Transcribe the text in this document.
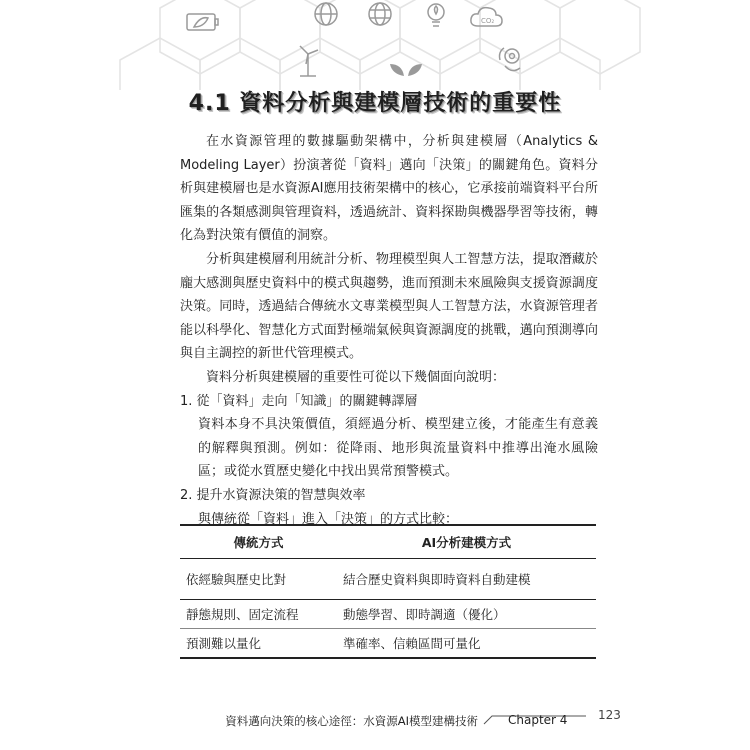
CO₂
4.1 資料分析與建模層技術的重要性

在水資源管理的數據驅動架構中，分析與建模層（Analytics & Modeling Layer）扮演著從「資料」邁向「決策」的關鍵角色。資料分析與建模層也是水資源AI應用技術架構中的核心，它承接前端資料平台所匯集的各類感測與管理資料，透過統計、資料探勘與機器學習等技術，轉化為對決策有價值的洞察。

分析與建模層利用統計分析、物理模型與人工智慧方法，提取潛藏於龐大感測與歷史資料中的模式與趨勢，進而預測未來風險與支援資源調度決策。同時，透過結合傳統水文專業模型與人工智慧方法，水資源管理者能以科學化、智慧化方式面對極端氣候與資源調度的挑戰，邁向預測導向與自主調控的新世代管理模式。

資料分析與建模層的重要性可從以下幾個面向說明：

1. 從「資料」走向「知識」的關鍵轉譯層

資料本身不具決策價值，須經過分析、模型建立後，才能產生有意義的解釋與預測。例如：從降雨、地形與流量資料中推導出淹水風險區；或從水質歷史變化中找出異常預警模式。

2. 提升水資源決策的智慧與效率

與傳統從「資料」進入「決策」的方式比較：

傳統方式	AI分析建模方式
依經驗與歷史比對	結合歷史資料與即時資料自動建模
靜態規則、固定流程	動態學習、即時調適（優化）
預測難以量化	準確率、信賴區間可量化
資料邁向決策的核心途徑：水資源AI模型建構技術	Chapter 4	123
